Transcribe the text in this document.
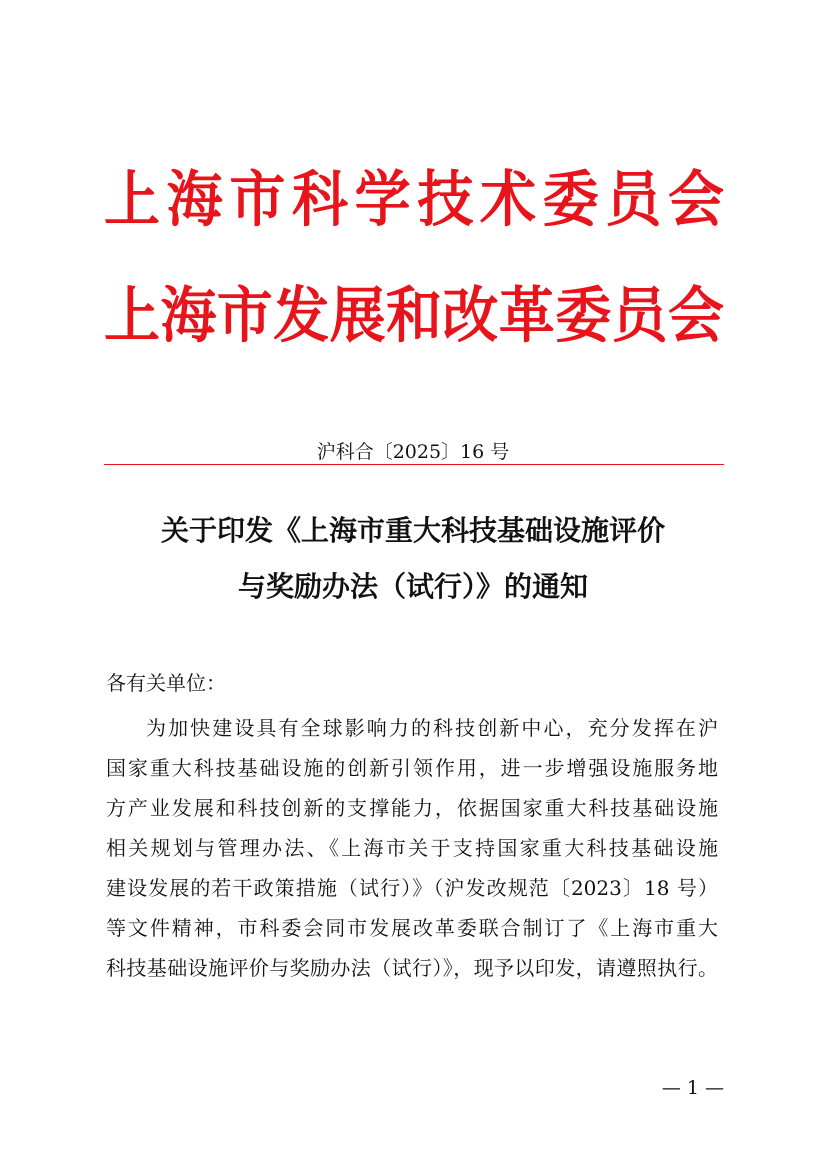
上海市科学技术委员会
上海市发展和改革委员会
沪科合〔2025〕16 号
关于印发《上海市重大科技基础设施评价
与奖励办法（试行）》的通知
各有关单位：
为加快建设具有全球影响力的科技创新中心，充分发挥在沪
国家重大科技基础设施的创新引领作用，进一步增强设施服务地
方产业发展和科技创新的支撑能力，依据国家重大科技基础设施
相关规划与管理办法、《上海市关于支持国家重大科技基础设施
建设发展的若干政策措施（试行）》（沪发改规范〔2023〕18 号）
等文件精神，市科委会同市发展改革委联合制订了《上海市重大
科技基础设施评价与奖励办法（试行）》，现予以印发，请遵照执行。
— 1 —
